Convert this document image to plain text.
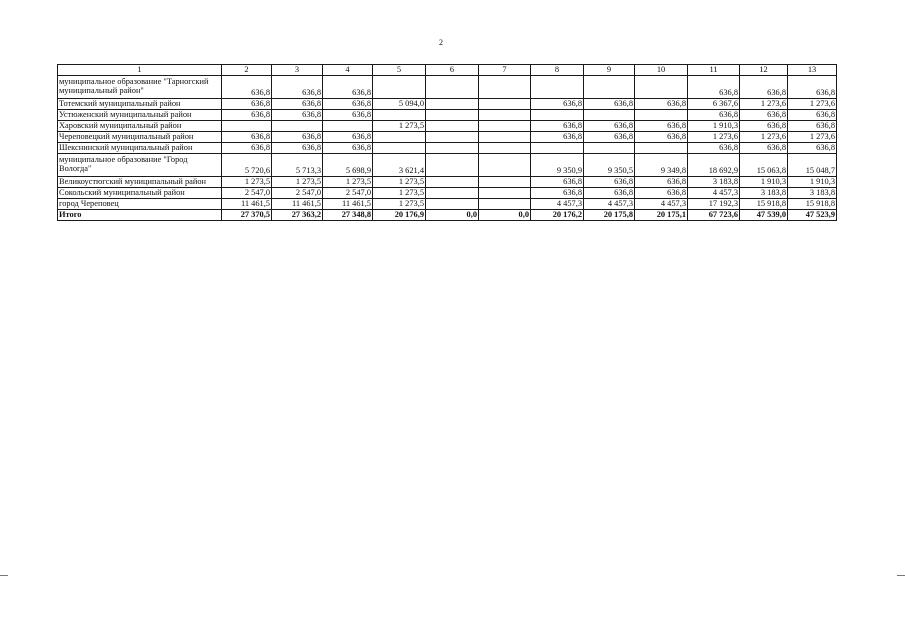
2
1	2	3	4	5	6	7	8	9	10	11	12	13
муниципальное образование "Тарногский муниципальный район"	636,8	636,8	636,8							636,8	636,8	636,8
Тотемский муниципальный район	636,8	636,8	636,8	5 094,0			636,8	636,8	636,8	6 367,6	1 273,6	1 273,6
Устюженский муниципальный район	636,8	636,8	636,8							636,8	636,8	636,8
Харовский муниципальный район				1 273,5			636,8	636,8	636,8	1 910,3	636,8	636,8
Череповецкий муниципальный район	636,8	636,8	636,8				636,8	636,8	636,8	1 273,6	1 273,6	1 273,6
Шекснинский муниципальный район	636,8	636,8	636,8							636,8	636,8	636,8
муниципальное образование "Город Вологда"	5 720,6	5 713,3	5 698,9	3 621,4			9 350,9	9 350,5	9 349,8	18 692,9	15 063,8	15 048,7
Великоустюгский муниципальный район	1 273,5	1 273,5	1 273,5	1 273,5			636,8	636,8	636,8	3 183,8	1 910,3	1 910,3
Сокольский муниципальный район	2 547,0	2 547,0	2 547,0	1 273,5			636,8	636,8	636,8	4 457,3	3 183,8	3 183,8
город Череповец	11 461,5	11 461,5	11 461,5	1 273,5			4 457,3	4 457,3	4 457,3	17 192,3	15 918,8	15 918,8
Итого	27 370,5	27 363,2	27 348,8	20 176,9	0,0	0,0	20 176,2	20 175,8	20 175,1	67 723,6	47 539,0	47 523,9
